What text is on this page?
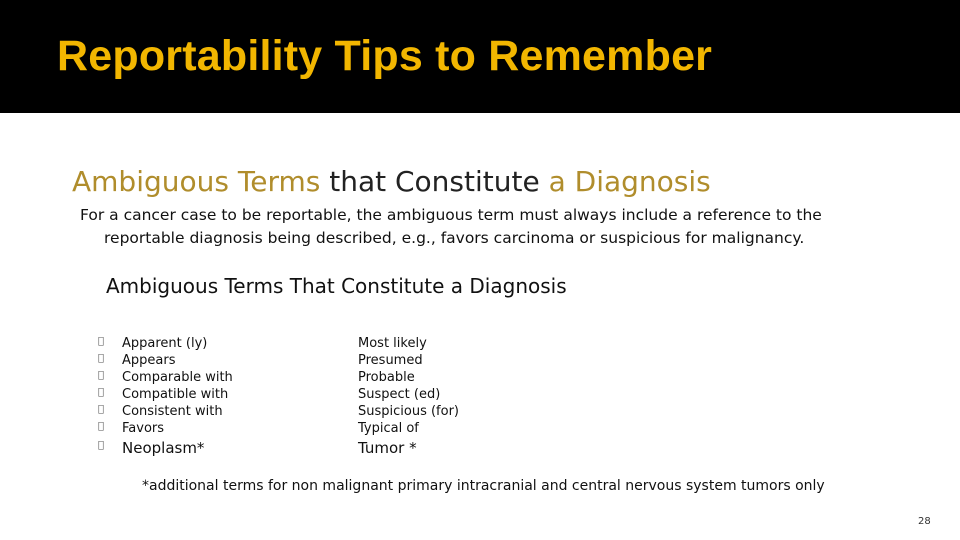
Reportability Tips to Remember
Ambiguous Terms that Constitute a Diagnosis
For a cancer case to be reportable, the ambiguous term must always include a reference to the
reportable diagnosis being described, e.g., favors carcinoma or suspicious for malignancy.
Ambiguous Terms That Constitute a Diagnosis
Apparent (ly)
Appears
Comparable with
Compatible with
Consistent with
Favors
Neoplasm*
Most likely
Presumed
Probable
Suspect (ed)
Suspicious (for)
Typical of
Tumor *
*additional terms for non malignant primary intracranial and central nervous system tumors only
28
